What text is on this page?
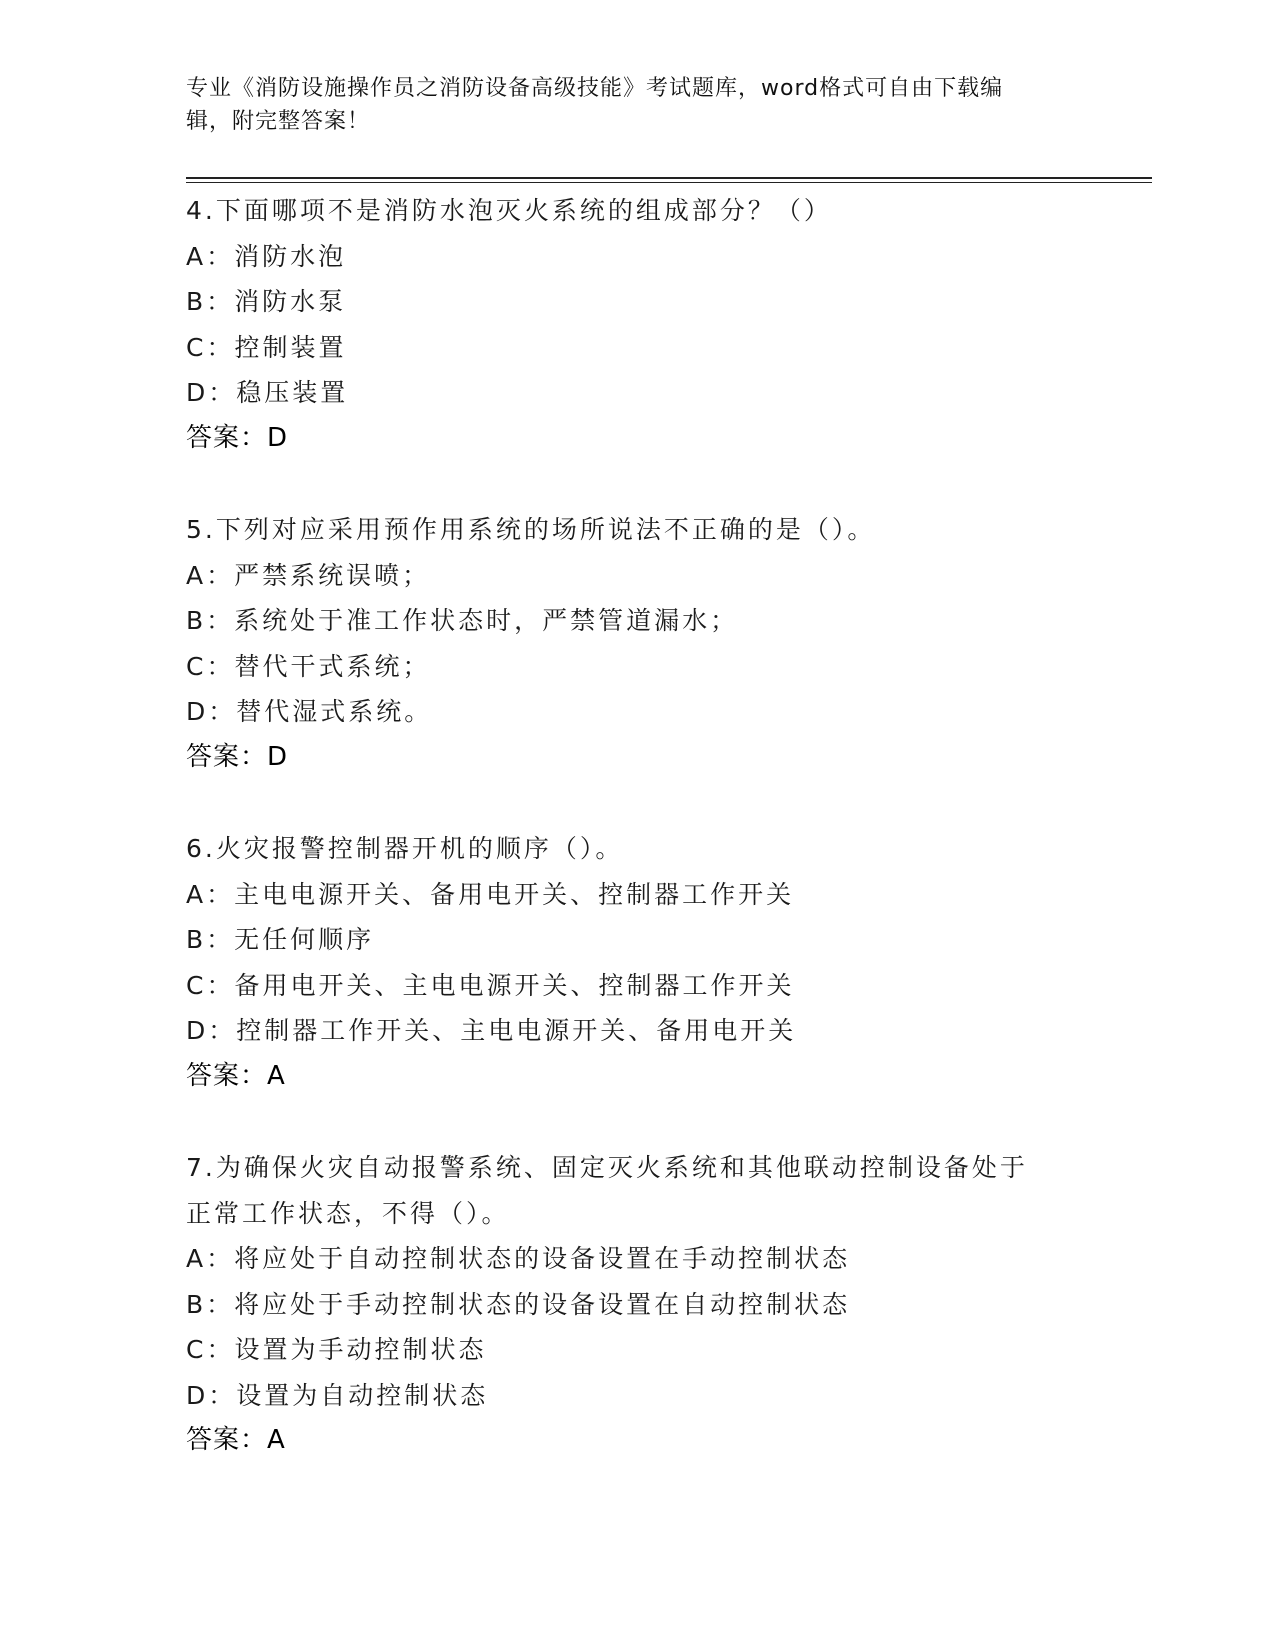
专业《消防设施操作员之消防设备高级技能》考试题库，word格式可自由下载编
辑，附完整答案！
4.下面哪项不是消防水泡灭火系统的组成部分？（）
A：消防水泡
B：消防水泵
C：控制装置
D：稳压装置
答案：D
5.下列对应采用预作用系统的场所说法不正确的是（）。
A：严禁系统误喷；
B：系统处于准工作状态时，严禁管道漏水；
C：替代干式系统；
D：替代湿式系统。
答案：D
6.火灾报警控制器开机的顺序（）。
A：主电电源开关、备用电开关、控制器工作开关
B：无任何顺序
C：备用电开关、主电电源开关、控制器工作开关
D：控制器工作开关、主电电源开关、备用电开关
答案：A
7.为确保火灾自动报警系统、固定灭火系统和其他联动控制设备处于
正常工作状态，不得（）。
A：将应处于自动控制状态的设备设置在手动控制状态
B：将应处于手动控制状态的设备设置在自动控制状态
C：设置为手动控制状态
D：设置为自动控制状态
答案：A
